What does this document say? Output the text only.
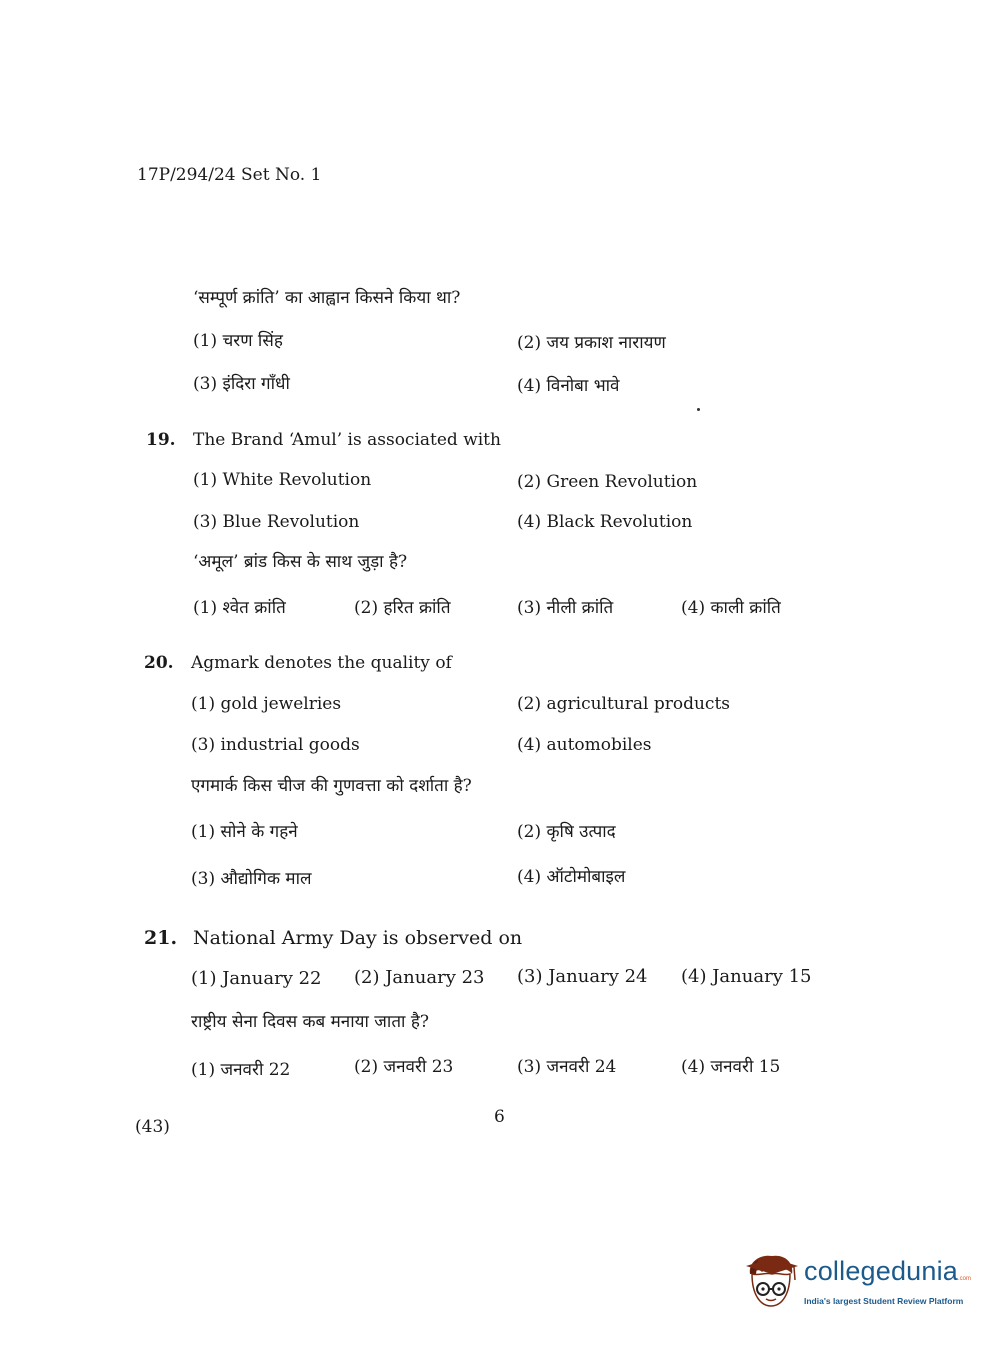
17P/294/24 Set No. 1
‘सम्पूर्ण क्रांति’ का आह्वान किसने किया था?
(1) चरण सिंह	(2) जय प्रकाश नारायण
(3) इंदिरा गाँधी	(4) विनोबा भावे
19. The Brand ‘Amul’ is associated with
(1) White Revolution	(2) Green Revolution
(3) Blue Revolution	(4) Black Revolution
‘अमूल’ ब्रांड किस के साथ जुड़ा है?
(1) श्वेत क्रांति	(2) हरित क्रांति	(3) नीली क्रांति	(4) काली क्रांति
20. Agmark denotes the quality of
(1) gold jewelries	(2) agricultural products
(3) industrial goods	(4) automobiles
एगमार्क किस चीज की गुणवत्ता को दर्शाता है?
(1) सोने के गहने	(2) कृषि उत्पाद
(3) औद्योगिक माल	(4) ऑटोमोबाइल
21. National Army Day is observed on
(1) January 22 (2) January 23 (3) January 24 (4) January 15
राष्ट्रीय सेना दिवस कब मनाया जाता है?
(1) जनवरी 22	(2) जनवरी 23	(3) जनवरी 24	(4) जनवरी 15
(43)	6
collegedunia .com
India's largest Student Review Platform
